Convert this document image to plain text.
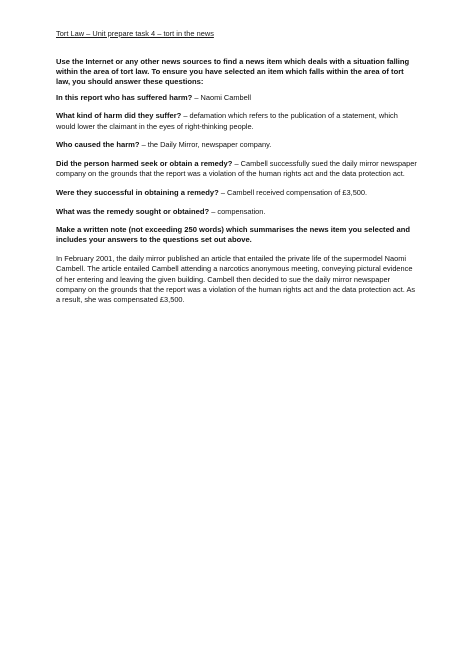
Tort Law – Unit prepare task 4 – tort in the news

Use the Internet or any other news sources to find a news item which deals with a situation falling within the area of tort law. To ensure you have selected an item which falls within the area of tort law, you should answer these questions:

In this report who has suffered harm? – Naomi Cambell

What kind of harm did they suffer? – defamation which refers to the publication of a statement, which would lower the claimant in the eyes of right-thinking people.

Who caused the harm? – the Daily Mirror, newspaper company.

Did the person harmed seek or obtain a remedy? – Cambell successfully sued the daily mirror newspaper company on the grounds that the report was a violation of the human rights act and the data protection act.

Were they successful in obtaining a remedy? – Cambell received compensation of £3,500.

What was the remedy sought or obtained? – compensation.

Make a written note (not exceeding 250 words) which summarises the news item you selected and includes your answers to the questions set out above.

In February 2001, the daily mirror published an article that entailed the private life of the supermodel Naomi Cambell. The article entailed Cambell attending a narcotics anonymous meeting, conveying pictural evidence of her entering and leaving the given building. Cambell then decided to sue the daily mirror newspaper company on the grounds that the report was a violation of the human rights act and the data protection act. As a result, she was compensated £3,500.
